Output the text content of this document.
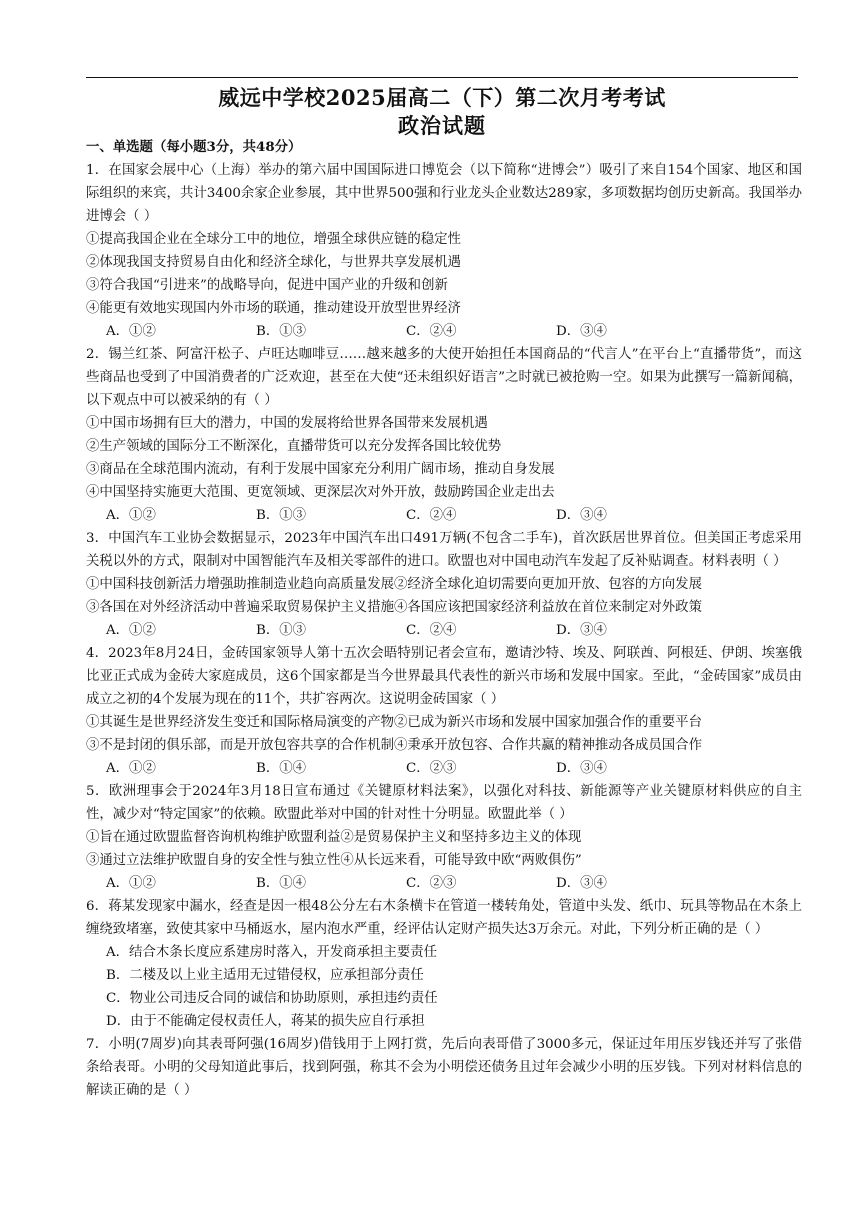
威远中学校2025届高二（下）第二次月考考试
政治试题
一、单选题（每小题3分，共48分）
1．在国家会展中心（上海）举办的第六届中国国际进口博览会（以下简称“进博会”）吸引了来自154个国家、地区和国际组织的来宾，共计3400余家企业参展，其中世界500强和行业龙头企业数达289家，多项数据均创历史新高。我国举办进博会（ ）
①提高我国企业在全球分工中的地位，增强全球供应链的稳定性
②体现我国支持贸易自由化和经济全球化，与世界共享发展机遇
③符合我国“引进来”的战略导向，促进中国产业的升级和创新
④能更有效地实现国内外市场的联通，推动建设开放型世界经济
A．①②	B．①③	C．②④	D．③④
2．锡兰红茶、阿富汗松子、卢旺达咖啡豆……越来越多的大使开始担任本国商品的“代言人”在平台上“直播带货”，而这些商品也受到了中国消费者的广泛欢迎，甚至在大使“还未组织好语言”之时就已被抢购一空。如果为此撰写一篇新闻稿，以下观点中可以被采纳的有（ ）
①中国市场拥有巨大的潜力，中国的发展将给世界各国带来发展机遇
②生产领域的国际分工不断深化，直播带货可以充分发挥各国比较优势
③商品在全球范围内流动，有利于发展中国家充分利用广阔市场，推动自身发展
④中国坚持实施更大范围、更宽领域、更深层次对外开放，鼓励跨国企业走出去
A．①②	B．①③	C．②④	D．③④
3．中国汽车工业协会数据显示，2023年中国汽车出口491万辆(不包含二手车)，首次跃居世界首位。但美国正考虑采用关税以外的方式，限制对中国智能汽车及相关零部件的进口。欧盟也对中国电动汽车发起了反补贴调查。材料表明（ ）
①中国科技创新活力增强助推制造业趋向高质量发展②经济全球化迫切需要向更加开放、包容的方向发展
③各国在对外经济活动中普遍采取贸易保护主义措施④各国应该把国家经济利益放在首位来制定对外政策
A．①②	B．①③	C．②④	D．③④
4．2023年8月24日，金砖国家领导人第十五次会晤特别记者会宣布，邀请沙特、埃及、阿联酋、阿根廷、伊朗、埃塞俄比亚正式成为金砖大家庭成员，这6个国家都是当今世界最具代表性的新兴市场和发展中国家。至此，“金砖国家”成员由成立之初的4个发展为现在的11个，共扩容两次。这说明金砖国家（ ）
①其诞生是世界经济发生变迁和国际格局演变的产物②已成为新兴市场和发展中国家加强合作的重要平台
③不是封闭的俱乐部，而是开放包容共享的合作机制④秉承开放包容、合作共赢的精神推动各成员国合作
A．①②	B．①④	C．②③	D．③④
5．欧洲理事会于2024年3月18日宣布通过《关键原材料法案》，以强化对科技、新能源等产业关键原材料供应的自主性，减少对“特定国家”的依赖。欧盟此举对中国的针对性十分明显。欧盟此举（ ）
①旨在通过欧盟监督咨询机构维护欧盟利益②是贸易保护主义和坚持多边主义的体现
③通过立法维护欧盟自身的安全性与独立性④从长远来看，可能导致中欧“两败俱伤”
A．①②	B．①④	C．②③	D．③④
6．蒋某发现家中漏水，经查是因一根48公分左右木条横卡在管道一楼转角处，管道中头发、纸巾、玩具等物品在木条上缠绕致堵塞，致使其家中马桶返水，屋内泡水严重，经评估认定财产损失达3万余元。对此，下列分析正确的是（ ）
A．结合木条长度应系建房时落入，开发商承担主要责任
B．二楼及以上业主适用无过错侵权，应承担部分责任
C．物业公司违反合同的诚信和协助原则，承担违约责任
D．由于不能确定侵权责任人，蒋某的损失应自行承担
7．小明(7周岁)向其表哥阿强(16周岁)借钱用于上网打赏，先后向表哥借了3000多元，保证过年用压岁钱还并写了张借条给表哥。小明的父母知道此事后，找到阿强，称其不会为小明偿还债务且过年会减少小明的压岁钱。下列对材料信息的解读正确的是（ ）
